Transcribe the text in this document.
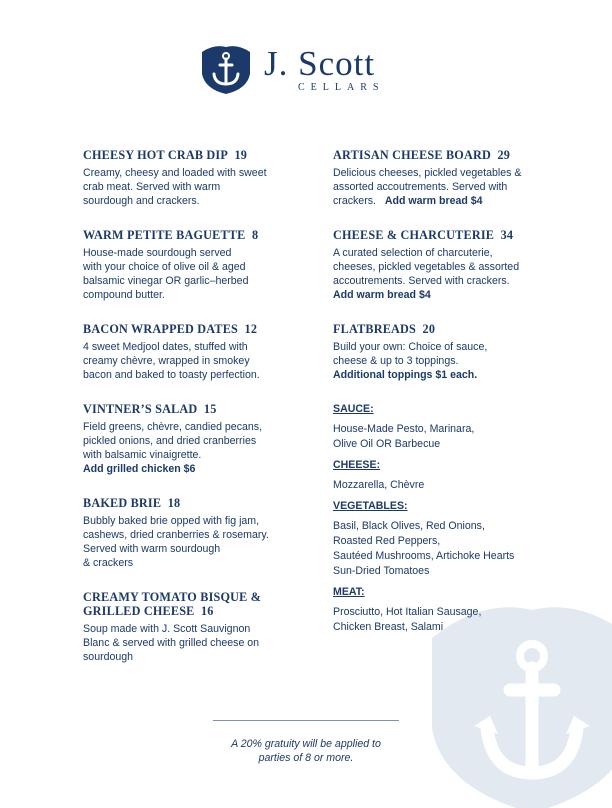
J. Scott
CELLARS
CHEESY HOT CRAB DIP 19
Creamy, cheesy and loaded with sweet
crab meat. Served with warm
sourdough and crackers.
WARM PETITE BAGUETTE 8
House-made sourdough served
with your choice of olive oil & aged
balsamic vinegar OR garlic–herbed
compound butter.
BACON WRAPPED DATES 12
4 sweet Medjool dates, stuffed with
creamy chèvre, wrapped in smokey
bacon and baked to toasty perfection.
VINTNER’S SALAD 15
Field greens, chèvre, candied pecans,
pickled onions, and dried cranberries
with balsamic vinaigrette.
Add grilled chicken $6
BAKED BRIE 18
Bubbly baked brie opped with fig jam,
cashews, dried cranberries & rosemary.
Served with warm sourdough
& crackers
CREAMY TOMATO BISQUE & GRILLED CHEESE 16
Soup made with J. Scott Sauvignon
Blanc & served with grilled cheese on
sourdough
ARTISAN CHEESE BOARD 29
Delicious cheeses, pickled vegetables &
assorted accoutrements. Served with
crackers. Add warm bread $4
CHEESE & CHARCUTERIE 34
A curated selection of charcuterie,
cheeses, pickled vegetables & assorted
accoutrements. Served with crackers.
Add warm bread $4
FLATBREADS 20
Build your own: Choice of sauce,
cheese & up to 3 toppings.
Additional toppings $1 each.
SAUCE:
House-Made Pesto, Marinara,
Olive Oil OR Barbecue
CHEESE:
Mozzarella, Chèvre
VEGETABLES:
Basil, Black Olives, Red Onions,
Roasted Red Peppers,
Sautéed Mushrooms, Artichoke Hearts
Sun-Dried Tomatoes
MEAT:
Prosciutto, Hot Italian Sausage,
Chicken Breast, Salami
A 20% gratuity will be applied to
parties of 8 or more.
